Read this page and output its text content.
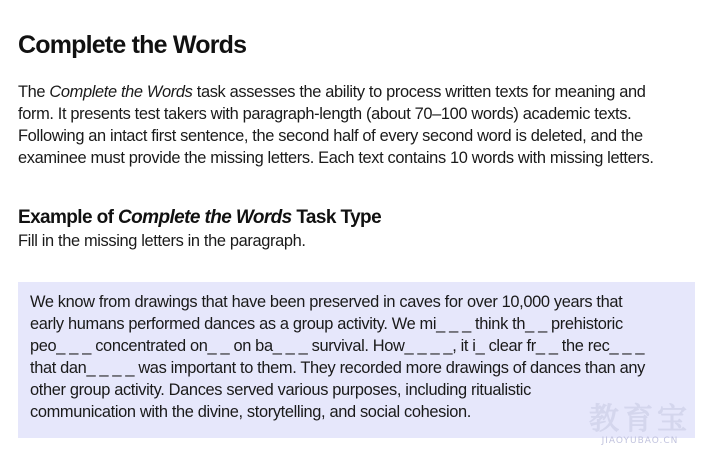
Complete the Words
The Complete the Words task assesses the ability to process written texts for meaning and
form. It presents test takers with paragraph-length (about 70–100 words) academic texts.
Following an intact first sentence, the second half of every second word is deleted, and the
examinee must provide the missing letters. Each text contains 10 words with missing letters.
Example of Complete the Words Task Type
Fill in the missing letters in the paragraph.

We know from drawings that have been preserved in caves for over 10,000 years that
early humans performed dances as a group activity. We mi_ _ _ think th_ _ prehistoric
peo_ _ _ concentrated on_ _ on ba_ _ _ survival. How_ _ _ _, it i_ clear fr_ _ the rec_ _ _
that dan_ _ _ _ was important to them. They recorded more drawings of dances than any
other group activity. Dances served various purposes, including ritualistic
communication with the divine, storytelling, and social cohesion.	教育宝
JIAOYUBAO.CN
